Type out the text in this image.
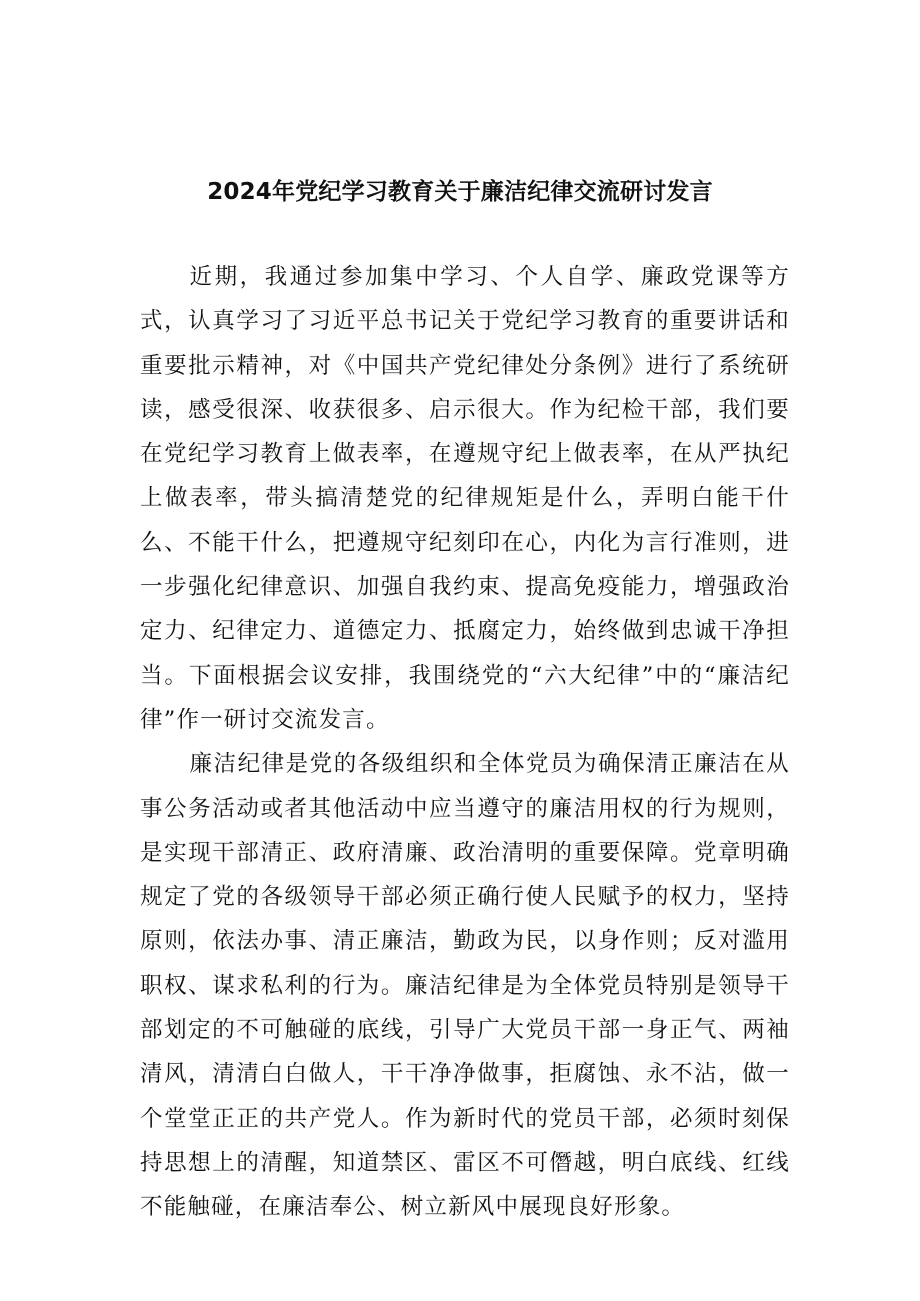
2024年党纪学习教育关于廉洁纪律交流研讨发言

近期，我通过参加集中学习、个人自学、廉政党课等方式，认真学习了习近平总书记关于党纪学习教育的重要讲话和重要批示精神，对《中国共产党纪律处分条例》进行了系统研读，感受很深、收获很多、启示很大。作为纪检干部，我们要在党纪学习教育上做表率，在遵规守纪上做表率，在从严执纪上做表率，带头搞清楚党的纪律规矩是什么，弄明白能干什么、不能干什么，把遵规守纪刻印在心，内化为言行准则，进一步强化纪律意识、加强自我约束、提高免疫能力，增强政治定力、纪律定力、道德定力、抵腐定力，始终做到忠诚干净担当。下面根据会议安排，我围绕党的“六大纪律”中的“廉洁纪律”作一研讨交流发言。

廉洁纪律是党的各级组织和全体党员为确保清正廉洁在从事公务活动或者其他活动中应当遵守的廉洁用权的行为规则，是实现干部清正、政府清廉、政治清明的重要保障。党章明确规定了党的各级领导干部必须正确行使人民赋予的权力，坚持原则，依法办事、清正廉洁，勤政为民，以身作则；反对滥用职权、谋求私利的行为。廉洁纪律是为全体党员特别是领导干部划定的不可触碰的底线，引导广大党员干部一身正气、两袖清风，清清白白做人，干干净净做事，拒腐蚀、永不沾，做一个堂堂正正的共产党人。作为新时代的党员干部，必须时刻保持思想上的清醒，知道禁区、雷区不可僭越，明白底线、红线不能触碰，在廉洁奉公、树立新风中展现良好形象。
